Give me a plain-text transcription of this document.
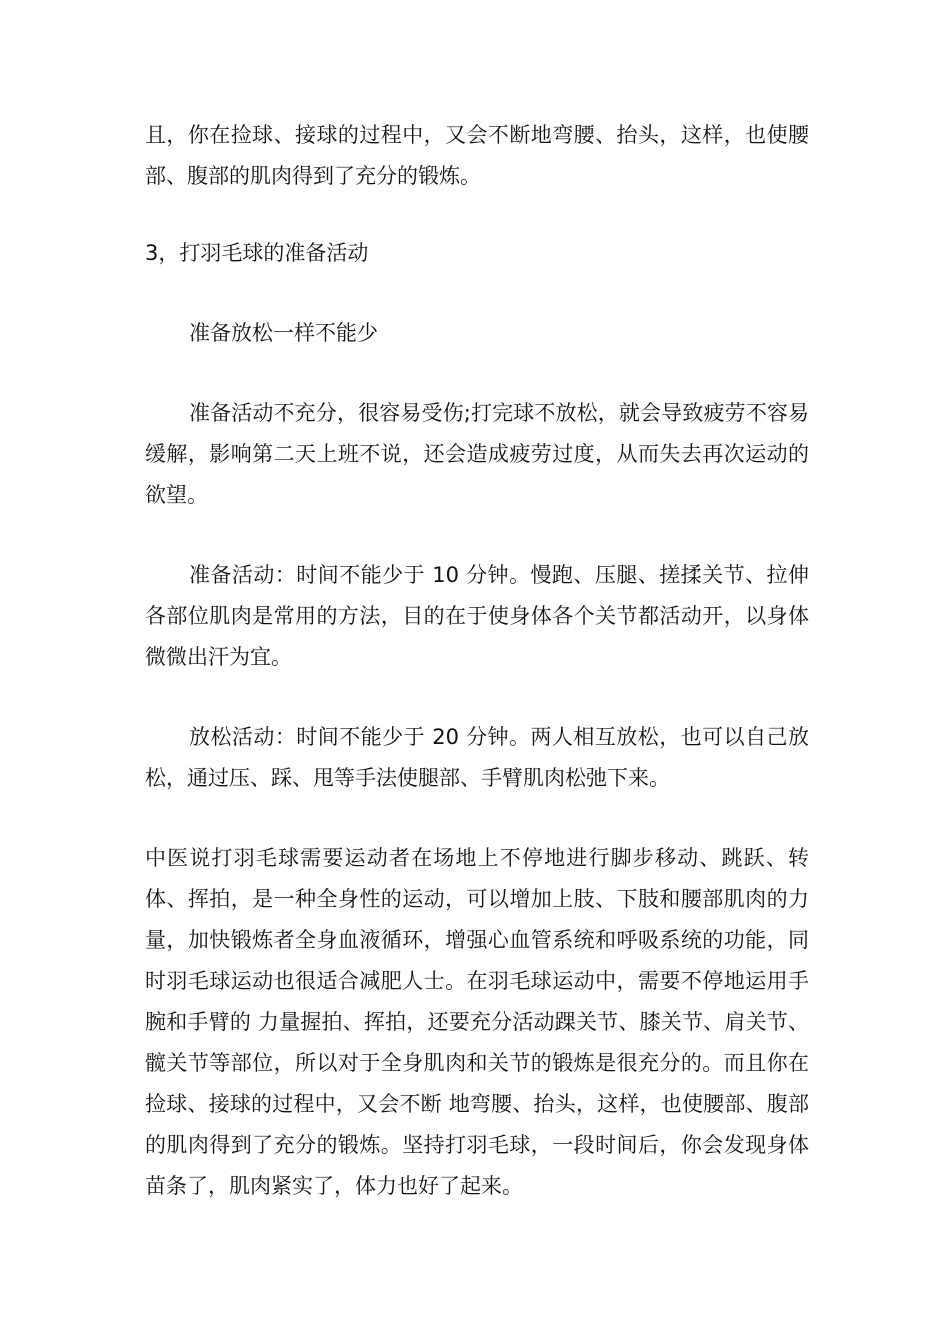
且，你在捡球、接球的过程中，又会不断地弯腰、抬头，这样，也使腰部、腹部的肌肉得到了充分的锻炼。

3，打羽毛球的准备活动

准备放松一样不能少

准备活动不充分，很容易受伤;打完球不放松，就会导致疲劳不容易缓解，影响第二天上班不说，还会造成疲劳过度，从而失去再次运动的欲望。

准备活动：时间不能少于 10 分钟。慢跑、压腿、搓揉关节、拉伸各部位肌肉是常用的方法，目的在于使身体各个关节都活动开，以身体微微出汗为宜。

放松活动：时间不能少于 20 分钟。两人相互放松，也可以自己放松，通过压、踩、甩等手法使腿部、手臂肌肉松弛下来。

中医说打羽毛球需要运动者在场地上不停地进行脚步移动、跳跃、转体、挥拍，是一种全身性的运动，可以增加上肢、下肢和腰部肌肉的力量，加快锻炼者全身血液循环，增强心血管系统和呼吸系统的功能，同时羽毛球运动也很适合减肥人士。在羽毛球运动中，需要不停地运用手腕和手臂的 力量握拍、挥拍，还要充分活动踝关节、膝关节、肩关节、髋关节等部位，所以对于全身肌肉和关节的锻炼是很充分的。而且你在捡球、接球的过程中，又会不断 地弯腰、抬头，这样，也使腰部、腹部的肌肉得到了充分的锻炼。坚持打羽毛球，一段时间后，你会发现身体苗条了，肌肉紧实了，体力也好了起来。
